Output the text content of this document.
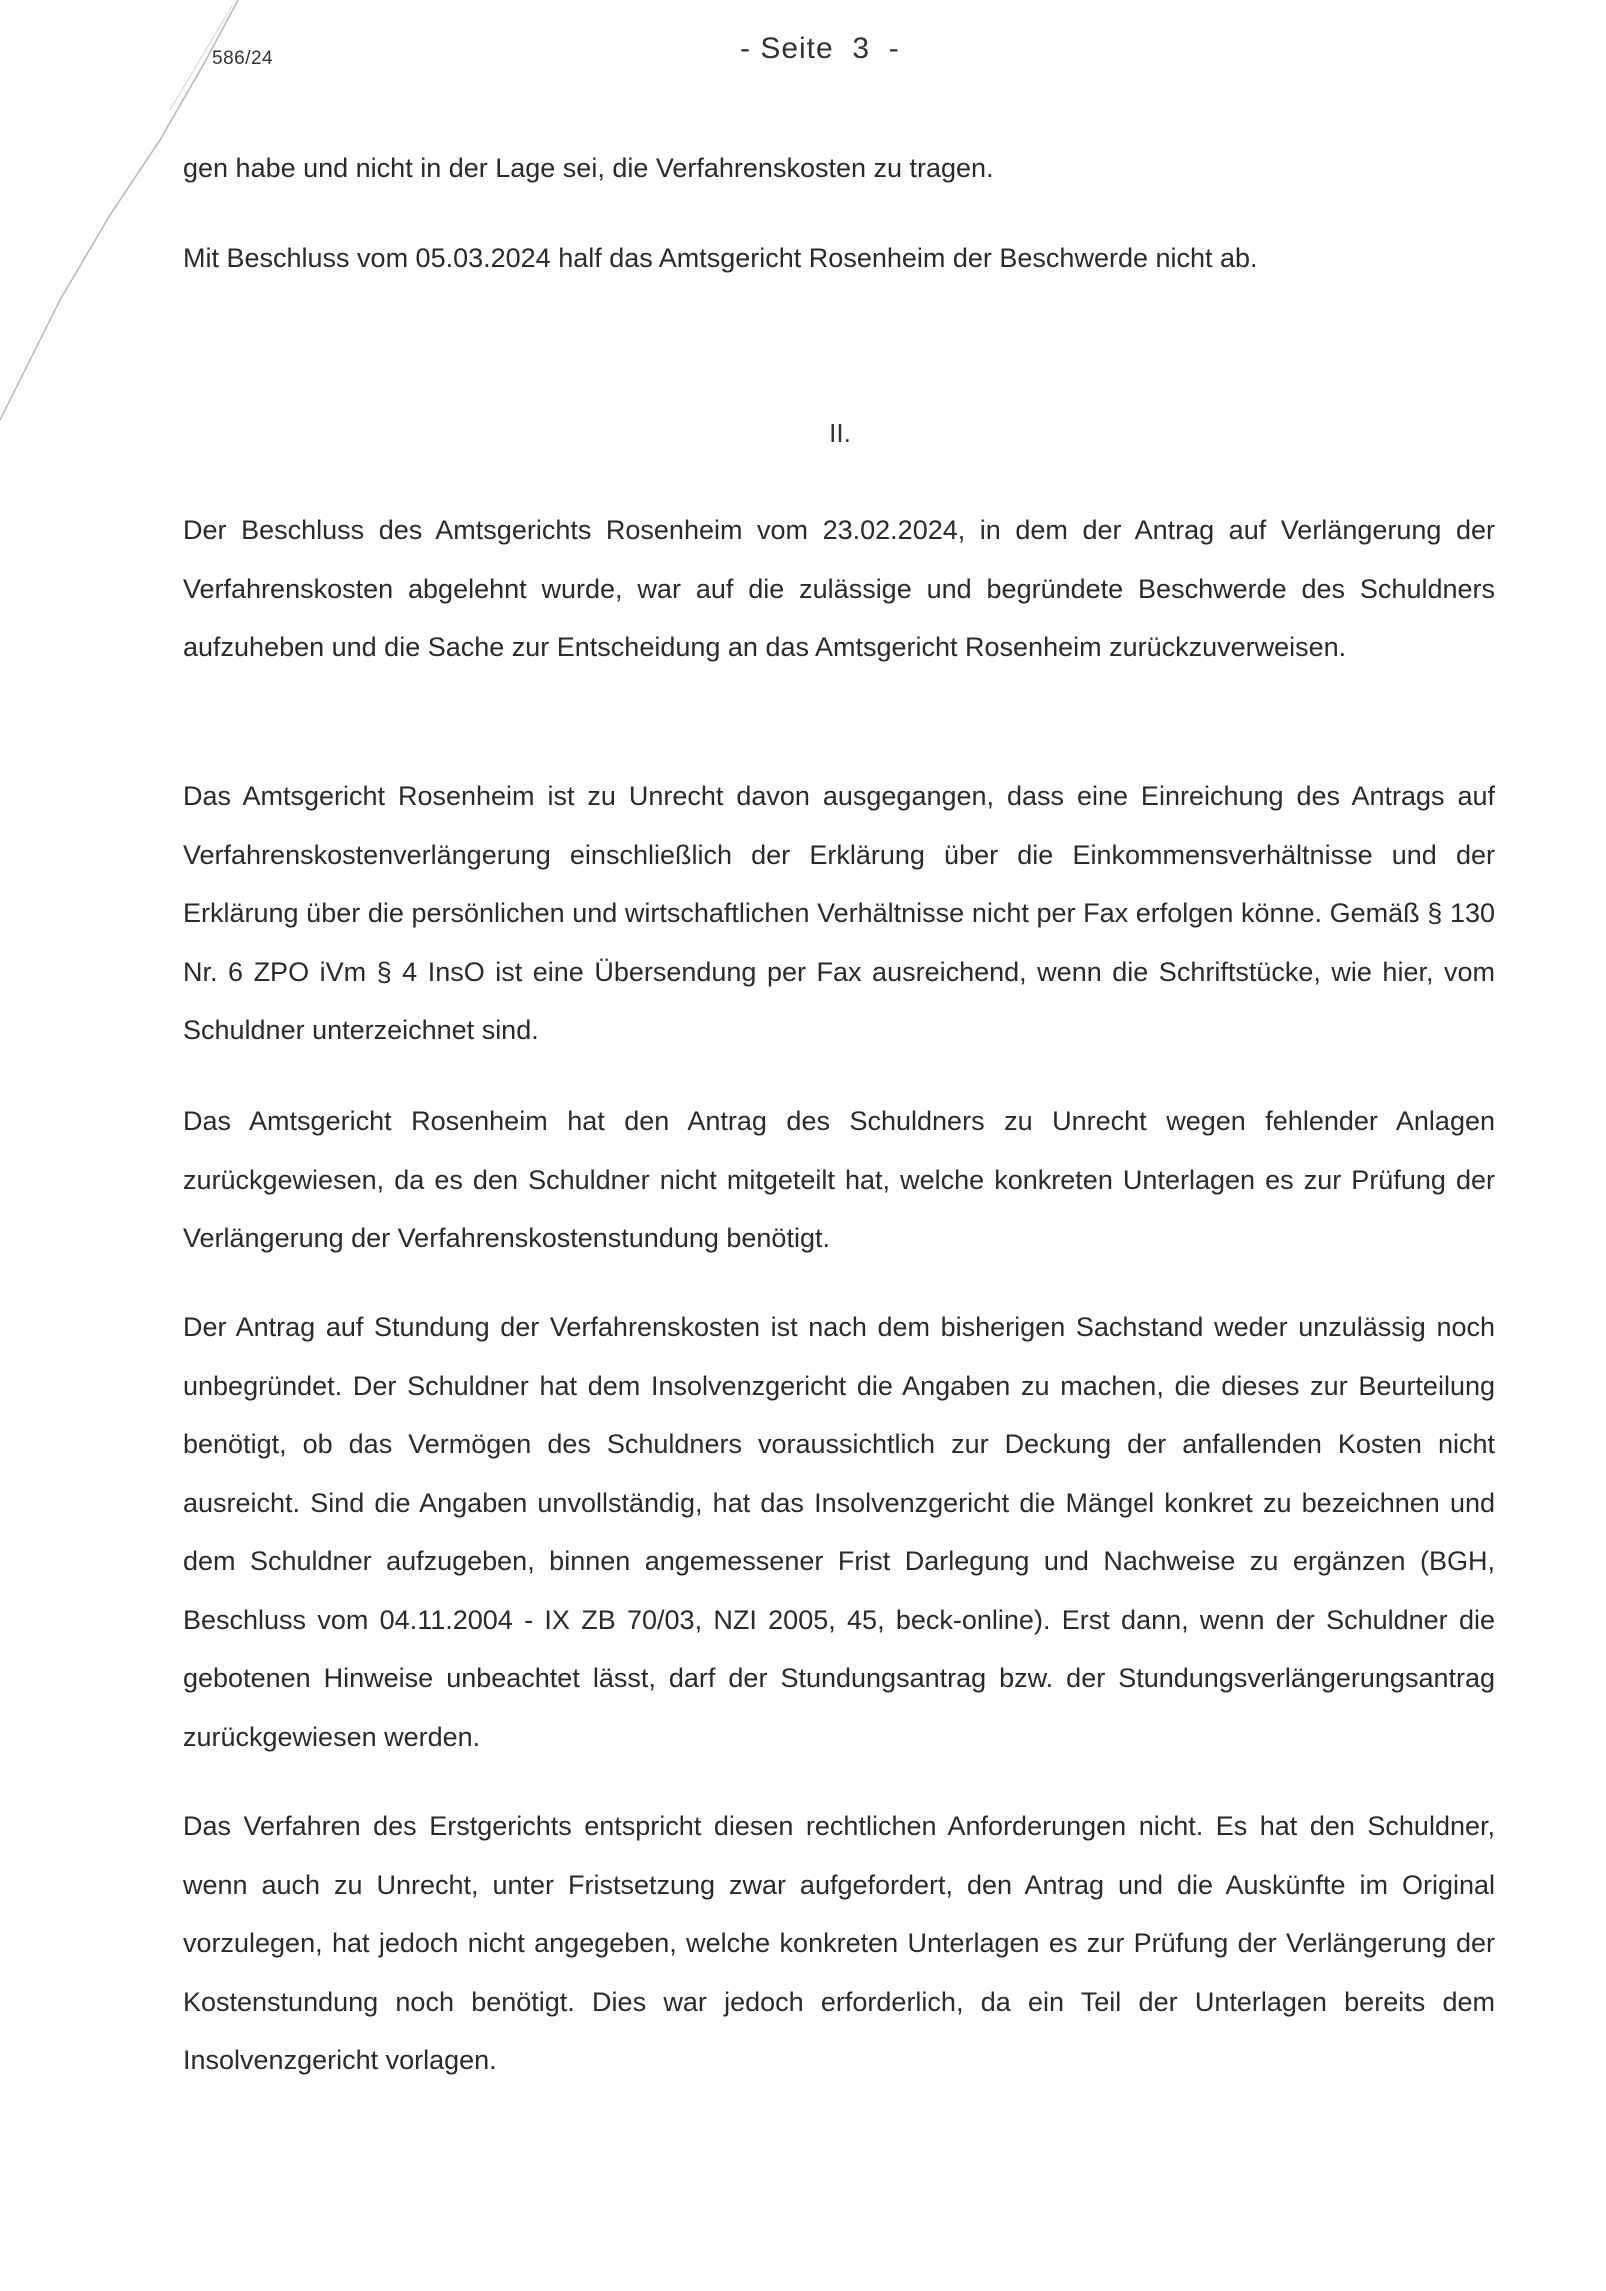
586/24	- Seite  3  -

gen habe und nicht in der Lage sei, die Verfahrenskosten zu tragen.

Mit Beschluss vom 05.03.2024 half das Amtsgericht Rosenheim der Beschwerde nicht ab.

II.

Der Beschluss des Amtsgerichts Rosenheim vom 23.02.2024, in dem der Antrag auf Verlängerung der Verfahrenskosten abgelehnt wurde, war auf die zulässige und begründete Beschwerde des Schuldners aufzuheben und die Sache zur Entscheidung an das Amtsgericht Rosenheim zurückzuverweisen.

Das Amtsgericht Rosenheim ist zu Unrecht davon ausgegangen, dass eine Einreichung des Antrags auf Verfahrenskostenverlängerung einschließlich der Erklärung über die Einkommensverhältnisse und der Erklärung über die persönlichen und wirtschaftlichen Verhältnisse nicht per Fax erfolgen könne. Gemäß § 130 Nr. 6 ZPO iVm § 4 InsO ist eine Übersendung per Fax ausreichend, wenn die Schriftstücke, wie hier, vom Schuldner unterzeichnet sind.

Das Amtsgericht Rosenheim hat den Antrag des Schuldners zu Unrecht wegen fehlender Anlagen zurückgewiesen, da es den Schuldner nicht mitgeteilt hat, welche konkreten Unterlagen es zur Prüfung der Verlängerung der Verfahrenskostenstundung benötigt.

Der Antrag auf Stundung der Verfahrenskosten ist nach dem bisherigen Sachstand weder unzulässig noch unbegründet. Der Schuldner hat dem Insolvenzgericht die Angaben zu machen, die dieses zur Beurteilung benötigt, ob das Vermögen des Schuldners voraussichtlich zur Deckung der anfallenden Kosten nicht ausreicht. Sind die Angaben unvollständig, hat das Insolvenzgericht die Mängel konkret zu bezeichnen und dem Schuldner aufzugeben, binnen angemessener Frist Darlegung und Nachweise zu ergänzen (BGH, Beschluss vom 04.11.2004 - IX ZB 70/03, NZI 2005, 45, beck-online). Erst dann, wenn der Schuldner die gebotenen Hinweise unbeachtet lässt, darf der Stundungsantrag bzw. der Stundungsverlängerungsantrag zurückgewiesen werden.

Das Verfahren des Erstgerichts entspricht diesen rechtlichen Anforderungen nicht. Es hat den Schuldner, wenn auch zu Unrecht, unter Fristsetzung zwar aufgefordert, den Antrag und die Auskünfte im Original vorzulegen, hat jedoch nicht angegeben, welche konkreten Unterlagen es zur Prüfung der Verlängerung der Kostenstundung noch benötigt. Dies war jedoch erforderlich, da ein Teil der Unterlagen bereits dem Insolvenzgericht vorlagen.
